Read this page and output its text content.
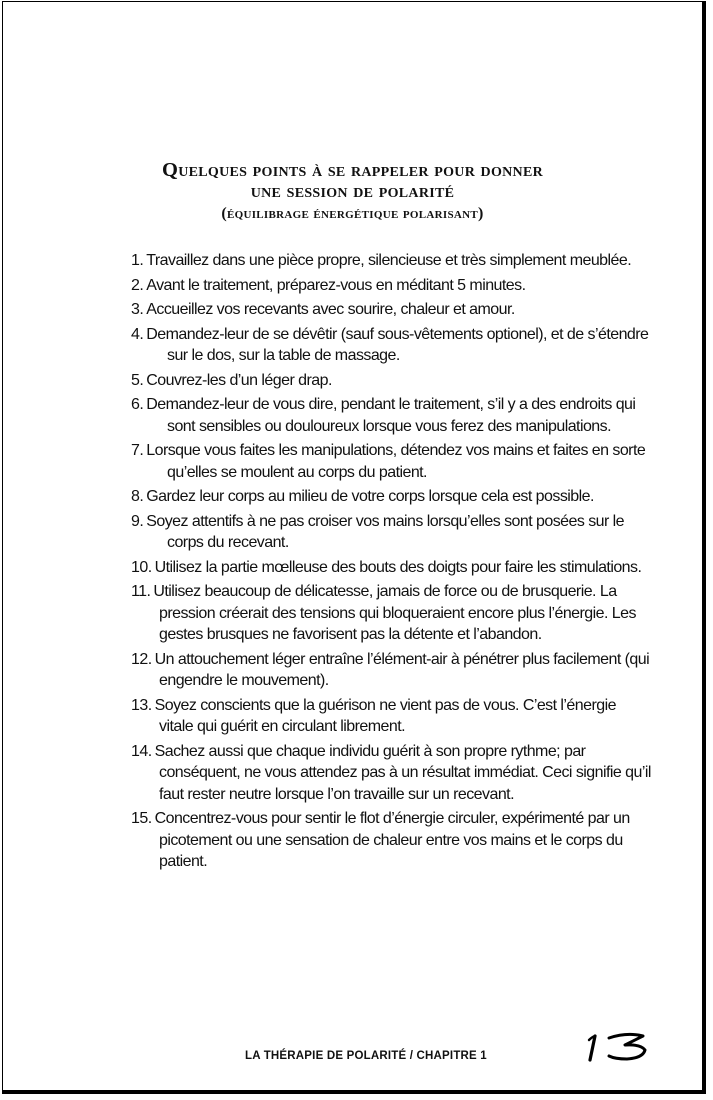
Quelques points à se rappeler pour donner
une session de polarité
(équilibrage énergétique polarisant)
1. Travaillez dans une pièce propre, silencieuse et très simplement meublée.
2. Avant le traitement, préparez-vous en méditant 5 minutes.
3. Accueillez vos recevants avec sourire, chaleur et amour.
4. Demandez-leur de se dévêtir (sauf sous-vêtements optionel), et de s’étendre sur le dos, sur la table de massage.
5. Couvrez-les d’un léger drap.
6. Demandez-leur de vous dire, pendant le traitement, s’il y a des endroits qui sont sensibles ou douloureux lorsque vous ferez des manipulations.
7. Lorsque vous faites les manipulations, détendez vos mains et faites en sorte qu’elles se moulent au corps du patient.
8. Gardez leur corps au milieu de votre corps lorsque cela est possible.
9. Soyez attentifs à ne pas croiser vos mains lorsqu’elles sont posées sur le corps du recevant.
10. Utilisez la partie mœlleuse des bouts des doigts pour faire les stimulations.
11. Utilisez beaucoup de délicatesse, jamais de force ou de brusquerie. La pression créerait des tensions qui bloqueraient encore plus l’énergie. Les gestes brusques ne favorisent pas la détente et l’abandon.
12. Un attouchement léger entraîne l’élément-air à pénétrer plus facilement (qui engendre le mouvement).
13. Soyez conscients que la guérison ne vient pas de vous. C’est l’énergie vitale qui guérit en circulant librement.
14. Sachez aussi que chaque individu guérit à son propre rythme; par conséquent, ne vous attendez pas à un résultat immédiat. Ceci signifie qu’il faut rester neutre lorsque l’on travaille sur un recevant.
15. Concentrez-vous pour sentir le flot d’énergie circuler, expérimenté par un picotement ou une sensation de chaleur entre vos mains et le corps du patient.
LA THÉRAPIE DE POLARITÉ / CHAPITRE 1
